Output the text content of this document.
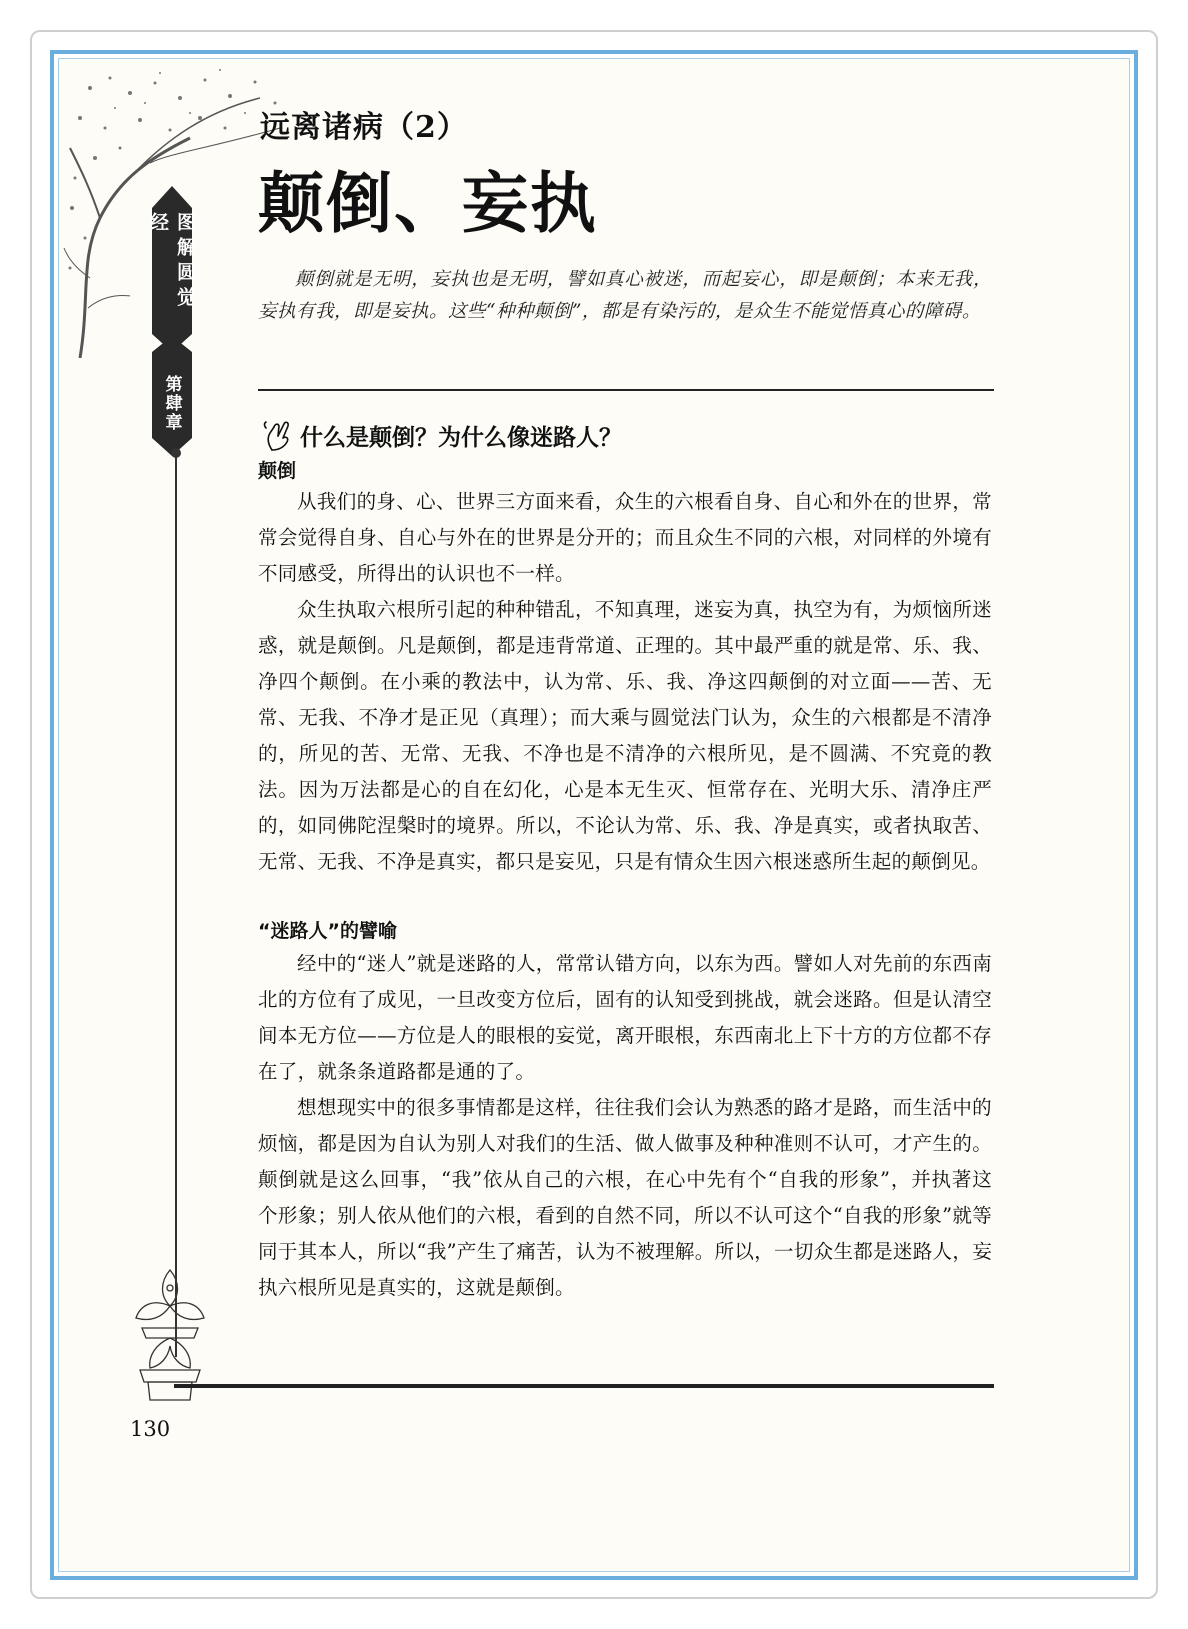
图解圆觉经
第肆章
远离诸病（2）
颠倒、妄执
颠倒就是无明，妄执也是无明，譬如真心被迷，而起妄心，即是颠倒；本来无我，妄执有我，即是妄执。这些“种种颠倒”，都是有染污的，是众生不能觉悟真心的障碍。
什么是颠倒？为什么像迷路人？
颠倒

从我们的身、心、世界三方面来看，众生的六根看自身、自心和外在的世界，常常会觉得自身、自心与外在的世界是分开的；而且众生不同的六根，对同样的外境有不同感受，所得出的认识也不一样。

众生执取六根所引起的种种错乱，不知真理，迷妄为真，执空为有，为烦恼所迷惑，就是颠倒。凡是颠倒，都是违背常道、正理的。其中最严重的就是常、乐、我、净四个颠倒。在小乘的教法中，认为常、乐、我、净这四颠倒的对立面——苦、无常、无我、不净才是正见（真理）；而大乘与圆觉法门认为，众生的六根都是不清净的，所见的苦、无常、无我、不净也是不清净的六根所见，是不圆满、不究竟的教法。因为万法都是心的自在幻化，心是本无生灭、恒常存在、光明大乐、清净庄严的，如同佛陀涅槃时的境界。所以，不论认为常、乐、我、净是真实，或者执取苦、无常、无我、不净是真实，都只是妄见，只是有情众生因六根迷惑所生起的颠倒见。

“迷路人”的譬喻

经中的“迷人”就是迷路的人，常常认错方向，以东为西。譬如人对先前的东西南北的方位有了成见，一旦改变方位后，固有的认知受到挑战，就会迷路。但是认清空间本无方位——方位是人的眼根的妄觉，离开眼根，东西南北上下十方的方位都不存在了，就条条道路都是通的了。

想想现实中的很多事情都是这样，往往我们会认为熟悉的路才是路，而生活中的烦恼，都是因为自认为别人对我们的生活、做人做事及种种准则不认可，才产生的。颠倒就是这么回事，“我”依从自己的六根，在心中先有个“自我的形象”，并执著这个形象；别人依从他们的六根，看到的自然不同，所以不认可这个“自我的形象”就等同于其本人，所以“我”产生了痛苦，认为不被理解。所以，一切众生都是迷路人，妄执六根所见是真实的，这就是颠倒。

130
